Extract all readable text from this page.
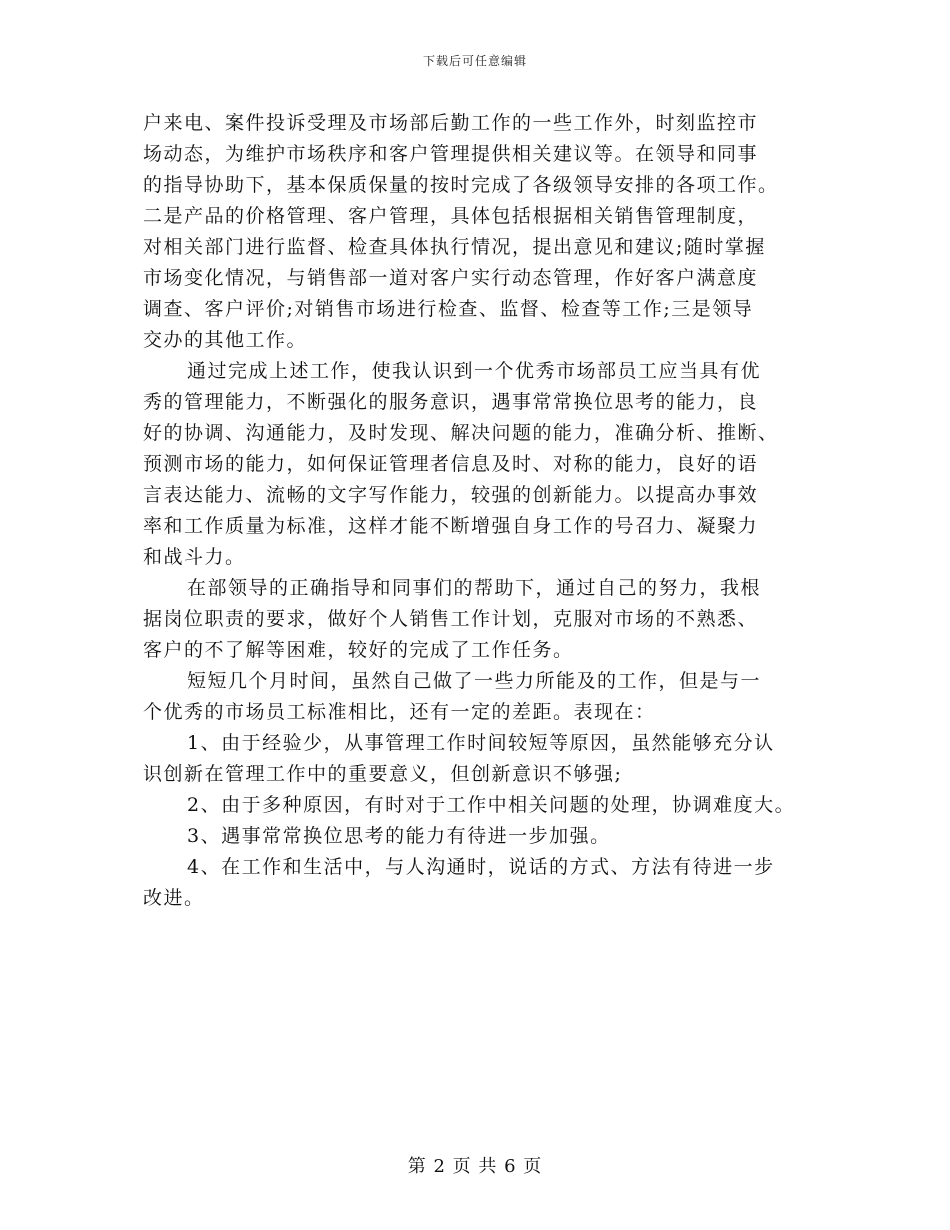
下载后可任意编辑
户来电、案件投诉受理及市场部后勤工作的一些工作外，时刻监控市
场动态，为维护市场秩序和客户管理提供相关建议等。在领导和同事
的指导协助下，基本保质保量的按时完成了各级领导安排的各项工作。
二是产品的价格管理、客户管理，具体包括根据相关销售管理制度，
对相关部门进行监督、检查具体执行情况，提出意见和建议;随时掌握
市场变化情况，与销售部一道对客户实行动态管理，作好客户满意度
调查、客户评价;对销售市场进行检查、监督、检查等工作;三是领导
交办的其他工作。
通过完成上述工作，使我认识到一个优秀市场部员工应当具有优
秀的管理能力，不断强化的服务意识，遇事常常换位思考的能力，良
好的协调、沟通能力，及时发现、解决问题的能力，准确分析、推断、
预测市场的能力，如何保证管理者信息及时、对称的能力，良好的语
言表达能力、流畅的文字写作能力，较强的创新能力。以提高办事效
率和工作质量为标准，这样才能不断增强自身工作的号召力、凝聚力
和战斗力。
在部领导的正确指导和同事们的帮助下，通过自己的努力，我根
据岗位职责的要求，做好个人销售工作计划，克服对市场的不熟悉、
客户的不了解等困难，较好的完成了工作任务。
短短几个月时间，虽然自己做了一些力所能及的工作，但是与一
个优秀的市场员工标准相比，还有一定的差距。表现在：
1、由于经验少，从事管理工作时间较短等原因，虽然能够充分认
识创新在管理工作中的重要意义，但创新意识不够强;
2、由于多种原因，有时对于工作中相关问题的处理，协调难度大。
3、遇事常常换位思考的能力有待进一步加强。
4、在工作和生活中，与人沟通时，说话的方式、方法有待进一步
改进。
第 2 页 共 6 页
